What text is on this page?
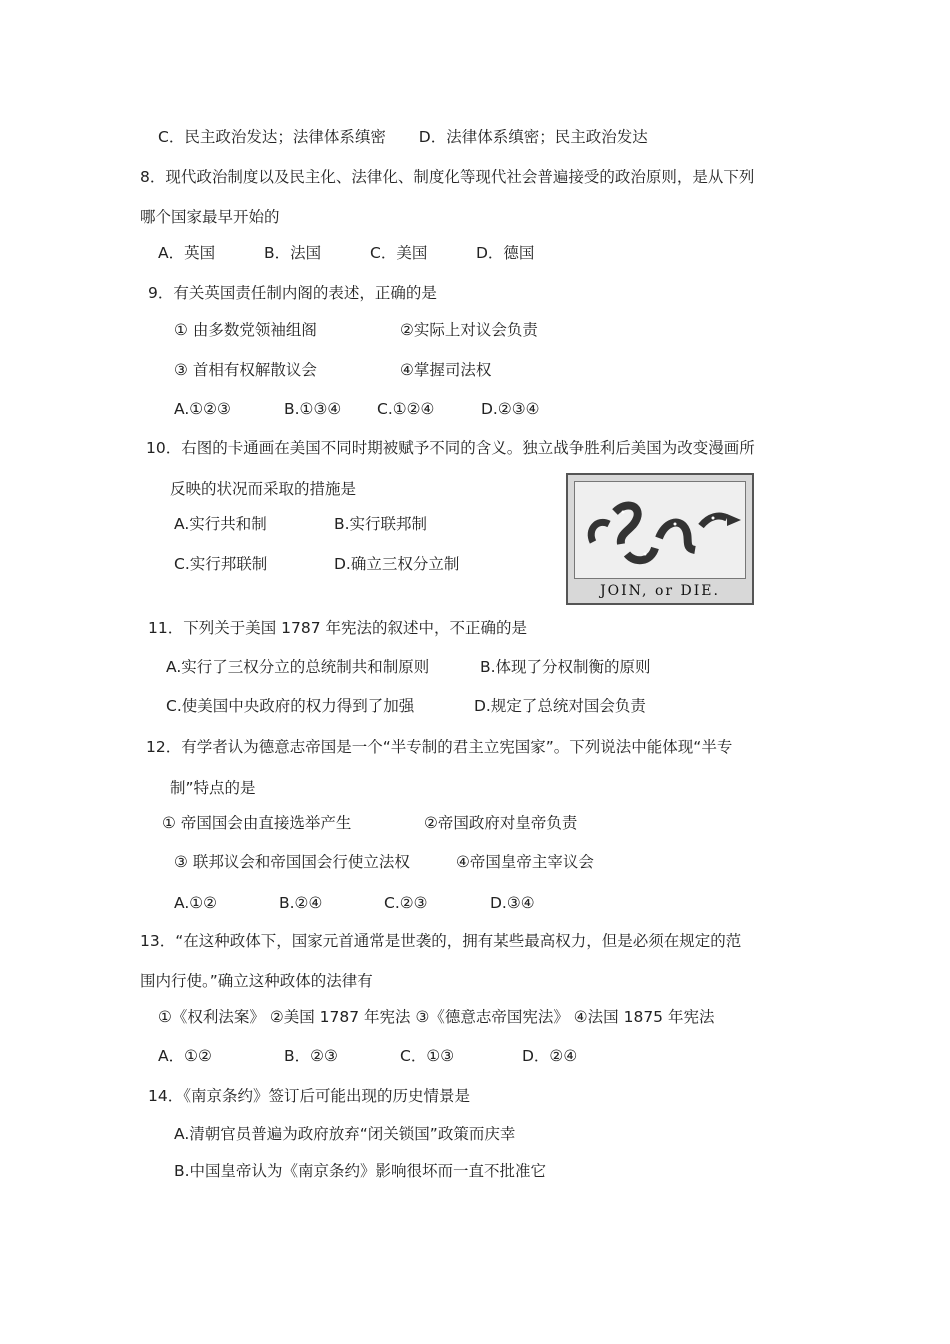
C．民主政治发达；法律体系缜密 D．法律体系缜密；民主政治发达
8．现代政治制度以及民主化、法律化、制度化等现代社会普遍接受的政治原则，是从下列
哪个国家最早开始的
A．英国	B．法国	C．美国	D．德国
9．有关英国责任制内阁的表述，正确的是
① 由多数党领袖组阁	②实际上对议会负责
③ 首相有权解散议会	④掌握司法权
A.①②③	B.①③④ C.①②④	D.②③④
10．右图的卡通画在美国不同时期被赋予不同的含义。独立战争胜利后美国为改变漫画所
反映的状况而采取的措施是
A.实行共和制	B.实行联邦制
C.实行邦联制	D.确立三权分立制
JOIN, or DIE.
11．下列关于美国 1787 年宪法的叙述中，不正确的是
A.实行了三权分立的总统制共和制原则	B.体现了分权制衡的原则
C.使美国中央政府的权力得到了加强	D.规定了总统对国会负责
12．有学者认为德意志帝国是一个“半专制的君主立宪国家”。下列说法中能体现“半专
制”特点的是
① 帝国国会由直接选举产生	②帝国政府对皇帝负责
③ 联邦议会和帝国国会行使立法权	④帝国皇帝主宰议会
A.①②	B.②④	C.②③	D.③④
13．“在这种政体下，国家元首通常是世袭的，拥有某些最高权力，但是必须在规定的范
围内行使。”确立这种政体的法律有
①《权利法案》 ②美国 1787 年宪法 ③《德意志帝国宪法》 ④法国 1875 年宪法
A．①②	B．②③	C．①③	D．②④
14．《南京条约》签订后可能出现的历史情景是
A.清朝官员普遍为政府放弃“闭关锁国”政策而庆幸
B.中国皇帝认为《南京条约》影响很坏而一直不批准它
